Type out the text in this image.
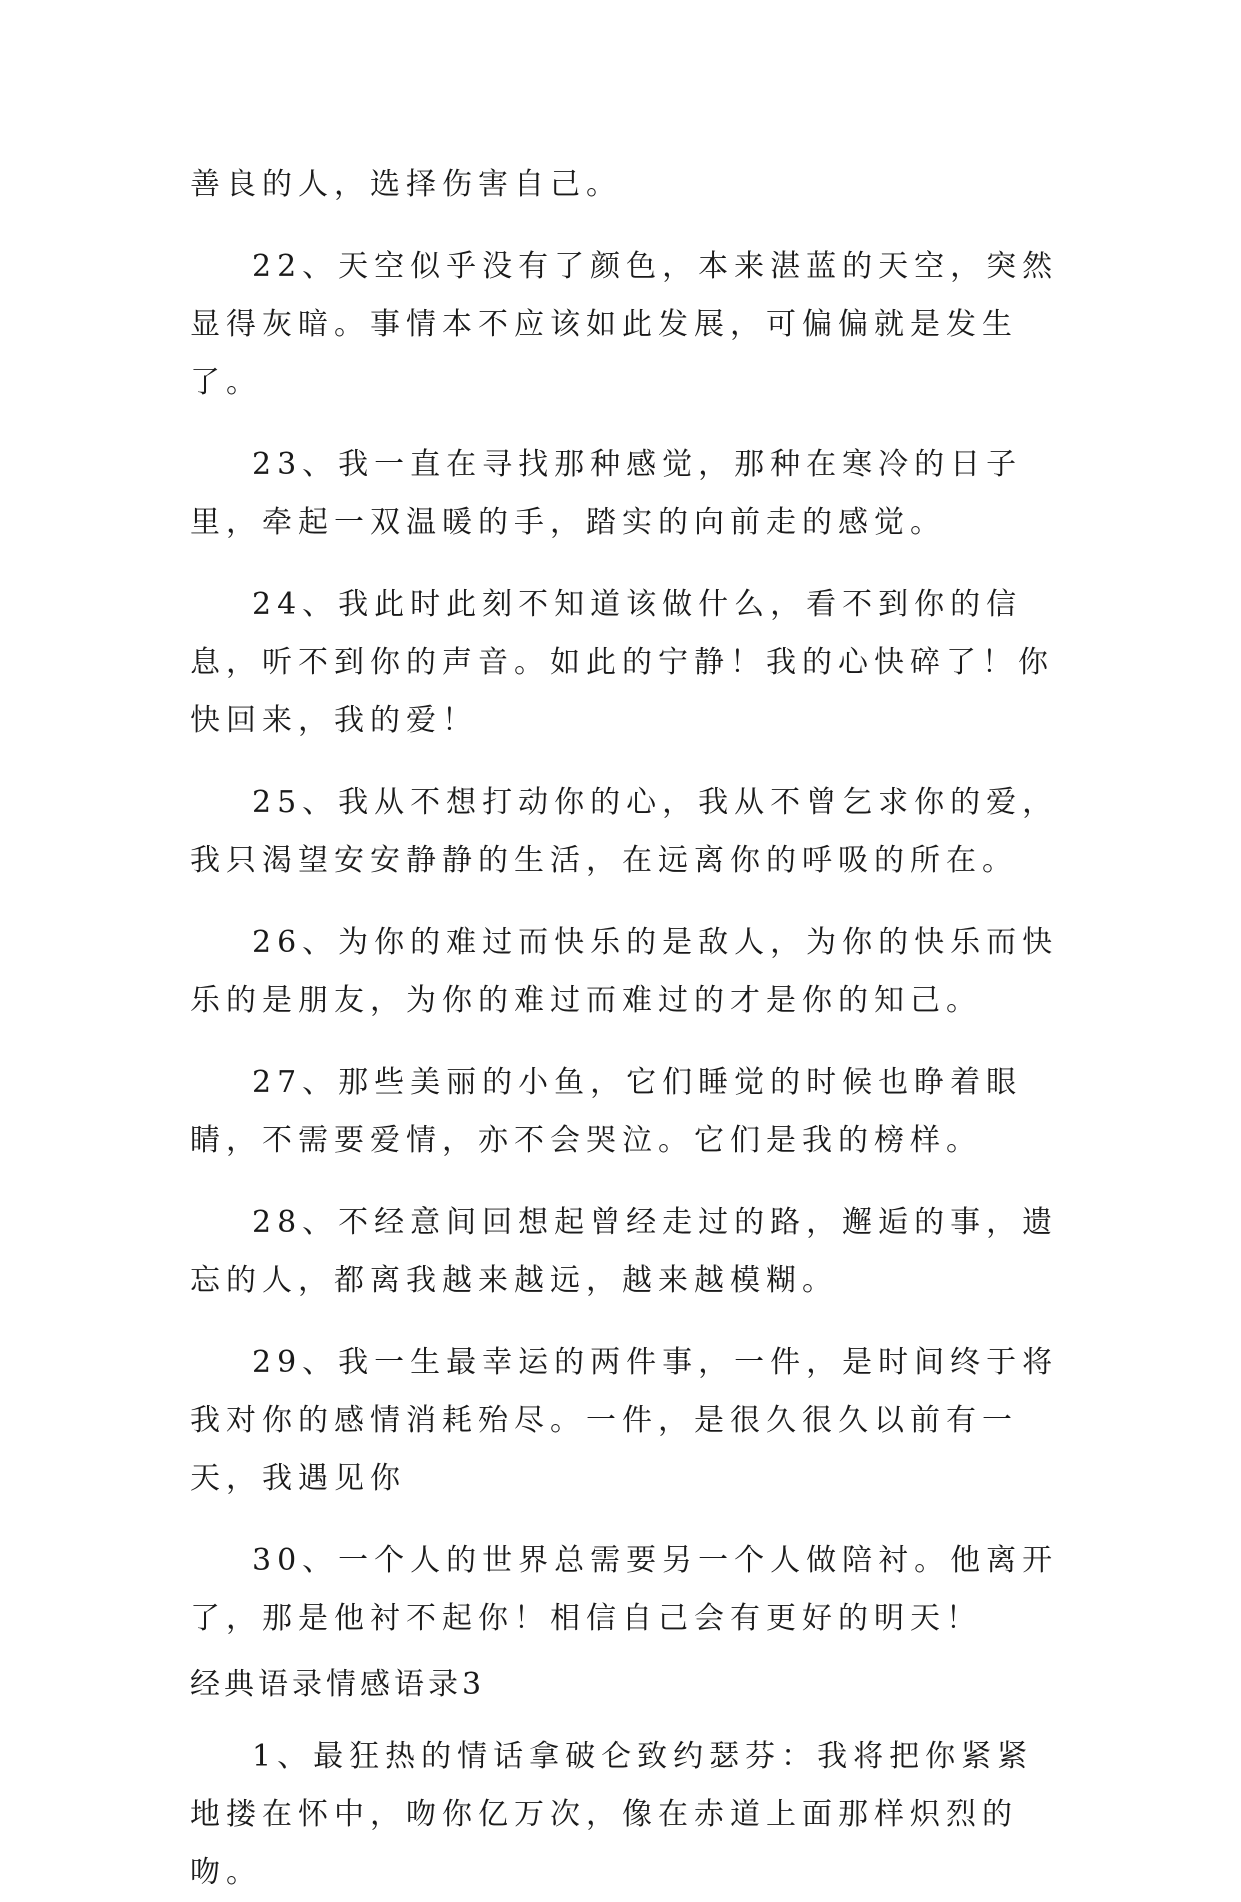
善良的人，选择伤害自己。

22、天空似乎没有了颜色，本来湛蓝的天空，突然显得灰暗。事情本不应该如此发展，可偏偏就是发生了。

23、我一直在寻找那种感觉，那种在寒冷的日子里，牵起一双温暖的手，踏实的向前走的感觉。

24、我此时此刻不知道该做什么，看不到你的信息，听不到你的声音。如此的宁静！我的心快碎了！你快回来，我的爱！

25、我从不想打动你的心，我从不曾乞求你的爱，我只渴望安安静静的生活，在远离你的呼吸的所在。

26、为你的难过而快乐的是敌人，为你的快乐而快乐的是朋友，为你的难过而难过的才是你的知己。

27、那些美丽的小鱼，它们睡觉的时候也睁着眼睛，不需要爱情，亦不会哭泣。它们是我的榜样。

28、不经意间回想起曾经走过的路，邂逅的事，遗忘的人，都离我越来越远，越来越模糊。

29、我一生最幸运的两件事，一件，是时间终于将我对你的感情消耗殆尽。一件，是很久很久以前有一天，我遇见你

30、一个人的世界总需要另一个人做陪衬。他离开了，那是他衬不起你！相信自己会有更好的明天！

经典语录情感语录3

1、最狂热的情话拿破仑致约瑟芬：我将把你紧紧地搂在怀中，吻你亿万次，像在赤道上面那样炽烈的吻。
